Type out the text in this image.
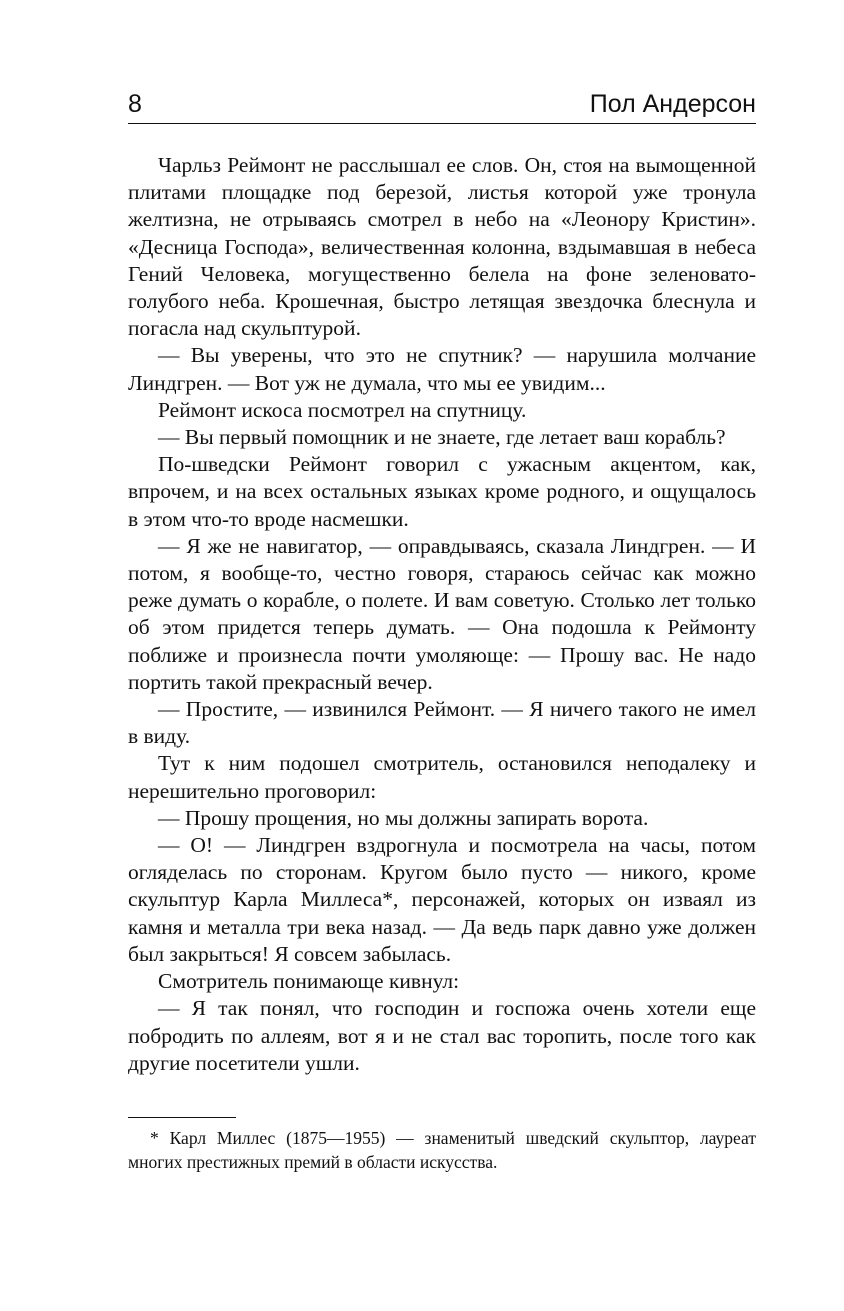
8	Пол Андерсон

Чарльз Реймонт не расслышал ее слов. Он, стоя на вымощенной плитами площадке под березой, листья которой уже тронула желтизна, не отрываясь смотрел в небо на «Леонору Кристин». «Десница Господа», величественная колонна, вздымавшая в небеса Гений Человека, могущественно белела на фоне зеленовато-голубого неба. Крошечная, быстро летящая звездочка блеснула и погасла над скульптурой.

— Вы уверены, что это не спутник? — нарушила молчание Линдгрен. — Вот уж не думала, что мы ее увидим...

Реймонт искоса посмотрел на спутницу.

— Вы первый помощник и не знаете, где летает ваш корабль?

По-шведски Реймонт говорил с ужасным акцентом, как, впрочем, и на всех остальных языках кроме родного, и ощущалось в этом что-то вроде насмешки.

— Я же не навигатор, — оправдываясь, сказала Линдгрен. — И потом, я вообще-то, честно говоря, стараюсь сейчас как можно реже думать о корабле, о полете. И вам советую. Столько лет только об этом придется теперь думать. — Она подошла к Реймонту поближе и произнесла почти умоляюще: — Прошу вас. Не надо портить такой прекрасный вечер.

— Простите, — извинился Реймонт. — Я ничего такого не имел в виду.

Тут к ним подошел смотритель, остановился неподалеку и нерешительно проговорил:

— Прошу прощения, но мы должны запирать ворота.

— О! — Линдгрен вздрогнула и посмотрела на часы, потом огляделась по сторонам. Кругом было пусто — никого, кроме скульптур Карла Миллеса*, персонажей, которых он изваял из камня и металла три века назад. — Да ведь парк давно уже должен был закрыться! Я совсем забылась.

Смотритель понимающе кивнул:

— Я так понял, что господин и госпожа очень хотели еще побродить по аллеям, вот я и не стал вас торопить, после того как другие посетители ушли.

* Карл Миллес (1875—1955) — знаменитый шведский скульптор, лауреат многих престижных премий в области искусства.
